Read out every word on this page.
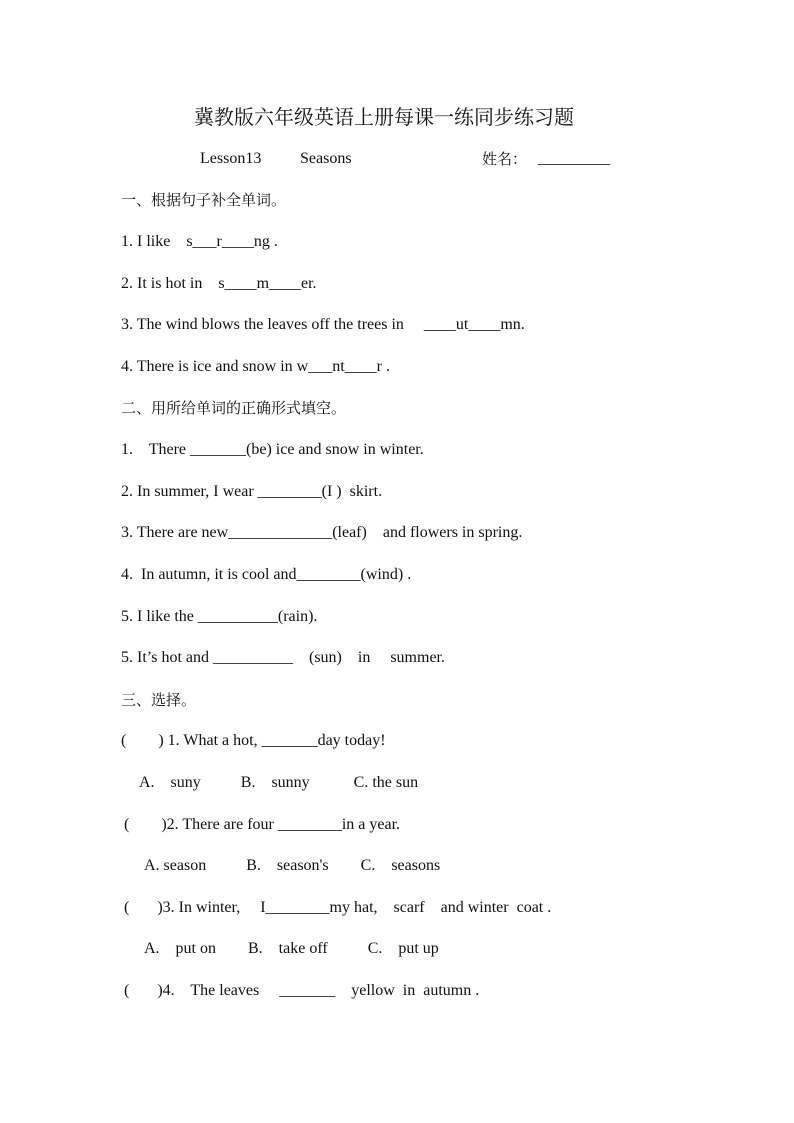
冀教版六年级英语上册每课一练同步练习题
Lesson13 Seasons	姓名： _________
一、根据句子补全单词。
1. I like    s___r____ng .
2. It is hot in    s____m____er.
3. The wind blows the leaves off the trees in     ____ut____mn.
4. There is ice and snow in w___nt____r .
二、用所给单词的正确形式填空。
1.    There _______(be) ice and snow in winter.
2. In summer, I wear ________(I )  skirt.
3. There are new_____________(leaf)    and flowers in spring.
4.  In autumn, it is cool and________(wind) .
5. I like the __________(rain).
5. It’s hot and __________    (sun)    in     summer.
三、选择。
(        ) 1. What a hot, _______day today!
A.    suny          B.    sunny           C. the sun
(        )2. There are four ________in a year.
A. season          B.    season's        C.    seasons
(       )3. In winter,     I________my hat,    scarf    and winter  coat .
A.    put on        B.    take off          C.    put up
(       )4.    The leaves     _______    yellow  in  autumn .
